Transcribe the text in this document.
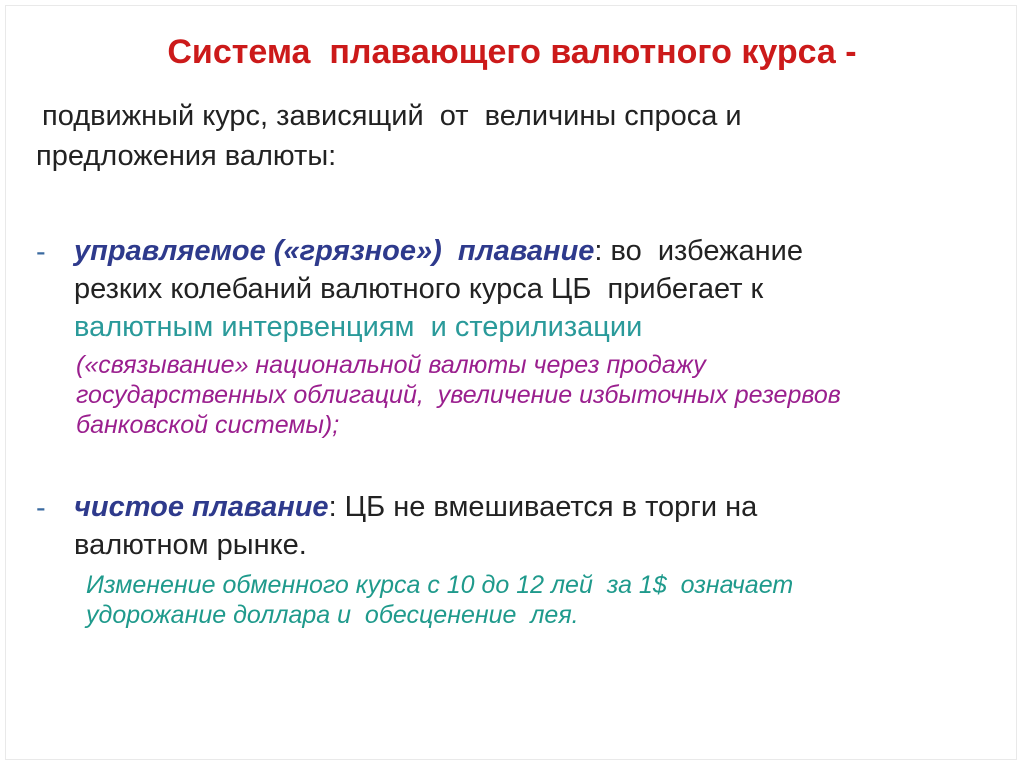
Система  плавающего валютного курса -
подвижный курс, зависящий  от  величины спроса и
предложения валюты:
- управляемое («грязное»)  плавание: во  избежание
резких колебаний валютного курса ЦБ  прибегает к
валютным интервенциям  и стерилизации
(«связывание» национальной валюты через продажу
государственных облигаций,  увеличение избыточных резервов
банковской системы);
- чистое плавание: ЦБ не вмешивается в торги на
валютном рынке.
Изменение обменного курса с 10 до 12 лей  за 1$  означает
удорожание доллара и  обесценение  лея.
